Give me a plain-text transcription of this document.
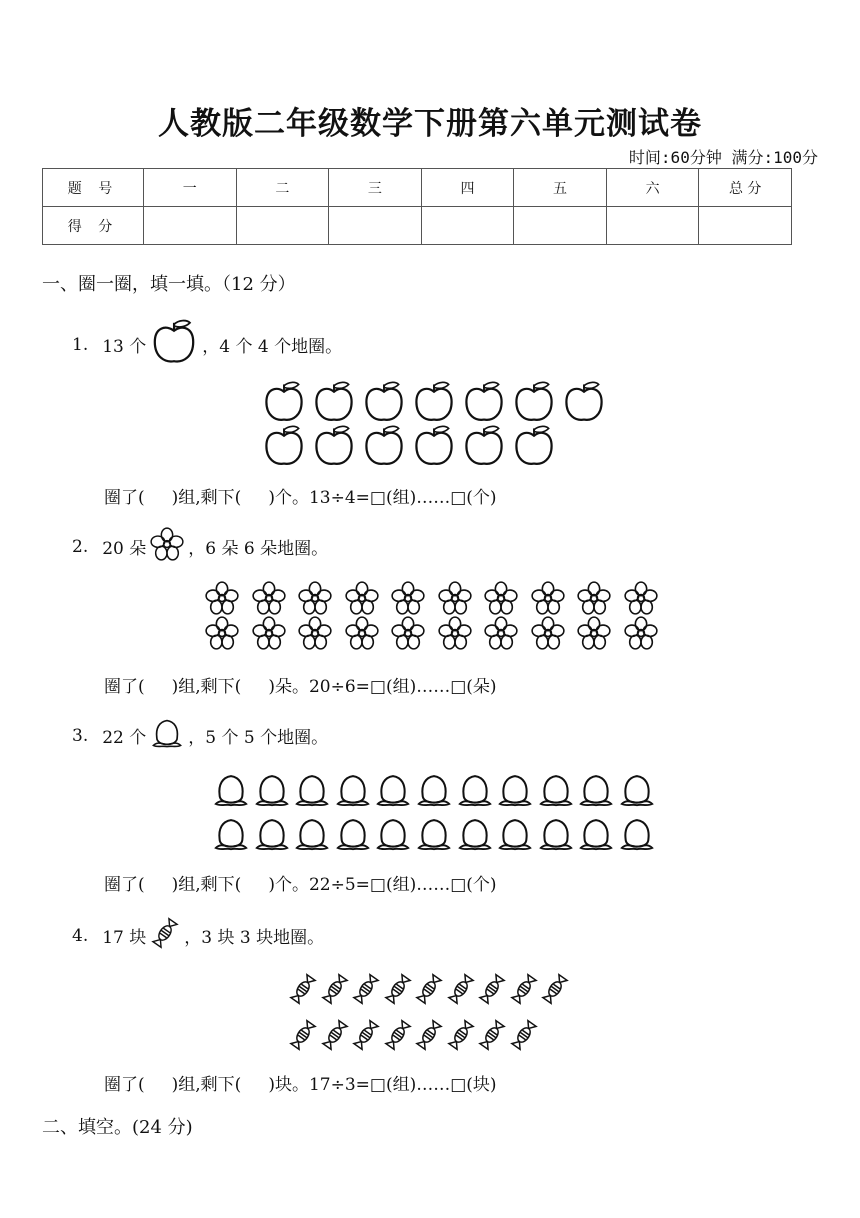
人教版二年级数学下册第六单元测试卷
时间:60分钟 满分:100分
题 号	一	二	三	四	五	六	总 分
得 分							
一、圈一圈，填一填。（12 分）
1. 13 个	，4 个 4 个地圈。
圈了(     )组,剩下(     )个。13÷4=□(组)……□(个)
2. 20 朵 ，6 朵 6 朵地圈。
圈了(     )组,剩下(     )朵。20÷6=□(组)……□(朵)
3. 22 个 ，5 个 5 个地圈。
圈了(     )组,剩下(     )个。22÷5=□(组)……□(个)
4. 17 块 ，3 块 3 块地圈。
圈了(     )组,剩下(     )块。17÷3=□(组)……□(块)
二、填空。(24 分)
